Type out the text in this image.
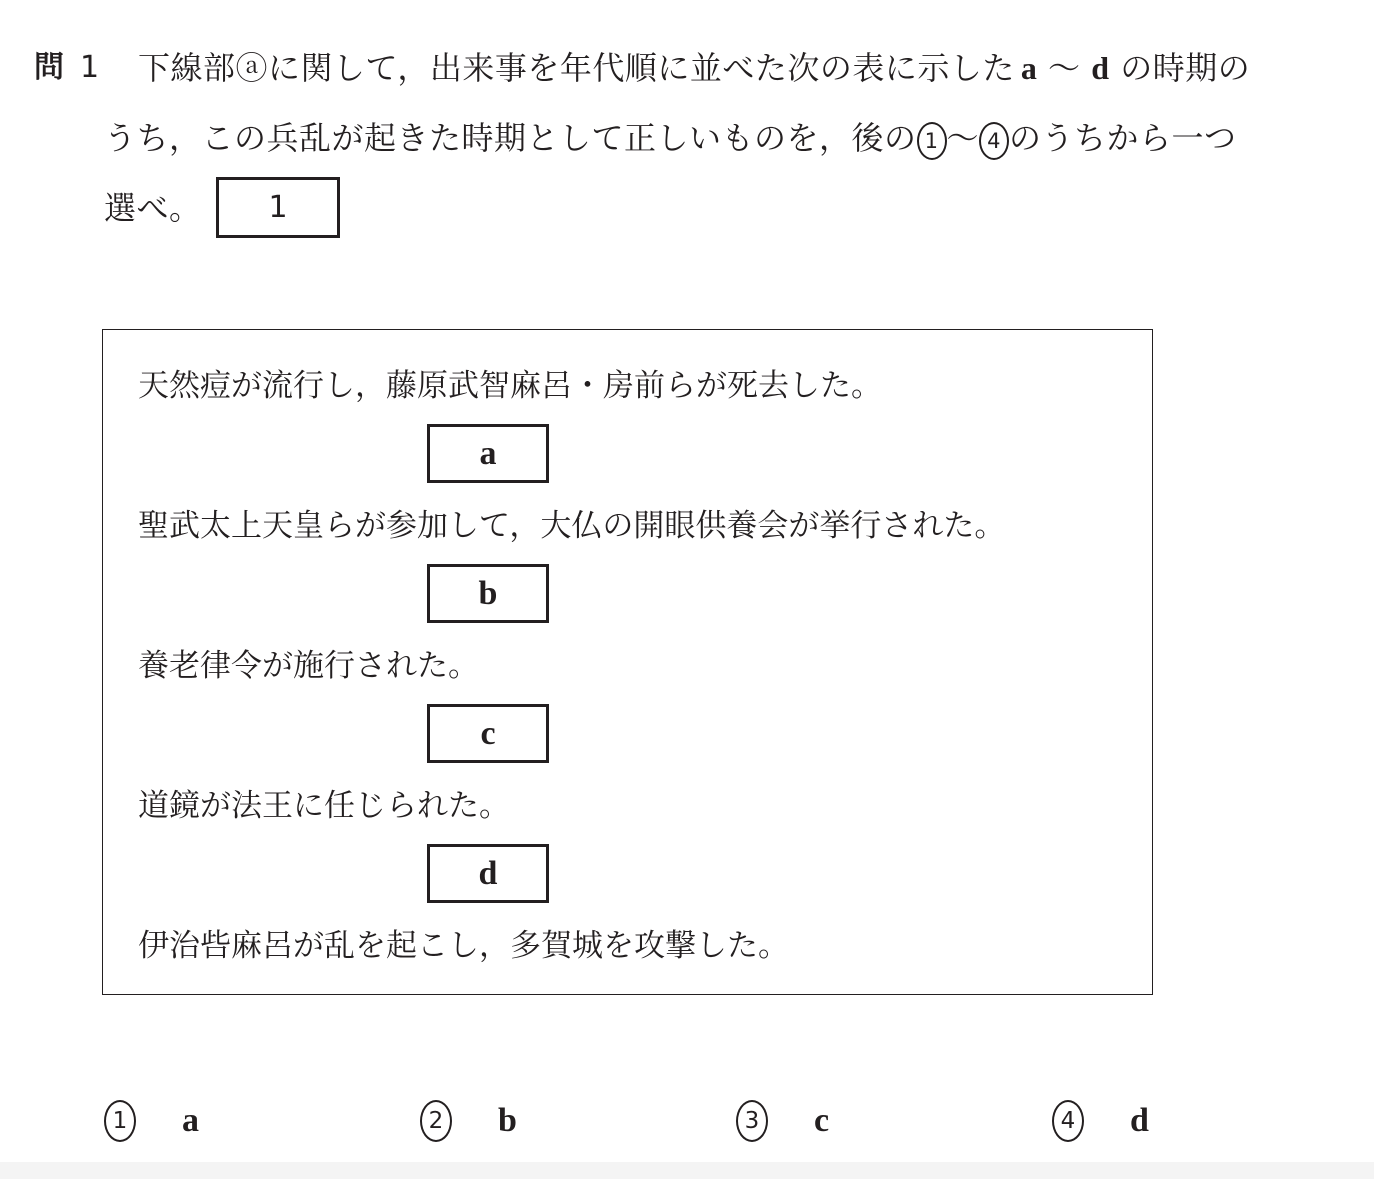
問 1 下線部ⓐに関して，出来事を年代順に並べた次の表に示した a 〜 d の時期の
うち，この兵乱が起きた時期として正しいものを，後の 1 〜 4 のうちから一つ
選べ。	1
天然痘が流行し，藤原武智麻呂・房前らが死去した。
a
聖武太上天皇らが参加して，大仏の開眼供養会が挙行された。
b
養老律令が施行された。
c
道鏡が法王に任じられた。
d
伊治呰麻呂が乱を起こし，多賀城を攻撃した。
1 a	2 b	3 c	4 d
